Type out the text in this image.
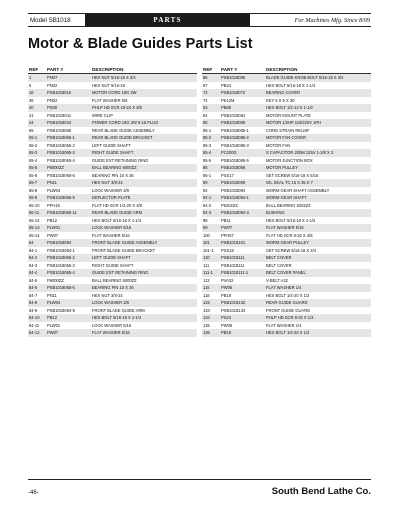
Model SB1018	PARTS	For Machines Mfg. Since 8/09
Motor & Blade Guides Parts List
REF	PART #	DESCRIPTION
1	PN07	HEX NUT 5/16-18 X 3/4
6	PN32	HEX NUT 5/16-18
16	PSB1018016	MOTOR CORD 18G 3W
36	PN02	FLAT WASHER 5/8
40	PS08	PHLP HD SCR 10-24 X 3/8
41	PSB1018041	WIRE CLIP
44	PSB1018044	POWER CORD 18G 3W 6-15 PLUG
65	PSB1018065	REAR BLADE GUIDE ASSEMBLY
65-1	PSB1018065-1	REAR BLADE GUIDE BRACKET
65-2	PSB1018065-2	LEFT GUIDE SHAFT
65-3	PSB1018065-3	RIGHT GUIDE SHAFT
65-4	PSB1018065-4	GUIDE EXT RETAINING RING
65-5	P6000ZZ	BALL BEARING 6000ZZ
65-6	PSB1018065-6	BEARING PIN 10 X 36
65-7	PN11	HEX NUT 3/8-24
65-8	PLW04	LOCK WASHER 3/8
65-9	PSB1018065-9	DEFLECTOR PLATE
65-10	PFH19	FLAT HD SCR 1/4-20 X 3/8
65-11	PSB1018065-11	REAR BLADE GUIDE ARM
65-12	PB12	HEX BOLT 5/16-18 X 1-1/4
65-13	PLW01	LOCK WASHER 5/16
65-14	PW07	FLAT WASHER 5/16
84	PSB1018084	FRONT BLADE GUIDE ASSEMBLY
84-1	PSB1018084-1	FRONT BLADE GUIDE BRACKET
84-2	PSB1018065-2	LEFT GUIDE SHAFT
84-3	PSB1018065-3	RIGHT GUIDE SHAFT
84-4	PSB1018065-4	GUIDE EXT RETAINING RING
84-5	P6000ZZ	BALL BEARING 6000ZZ
84-6	PSB1018065-6	BEARING PIN 10 X 36
84-7	PN11	HEX NUT 3/8-24
84-8	PLW04	LOCK WASHER 3/8
84-9	PSB1018084-9	FRONT BLADE GUIDE ARM
84-10	PB12	HEX BOLT 5/16-18 X 1-1/4
84-11	PLW01	LOCK WASHER 5/16
84-12	PW07	FLAT WASHER 5/16
REF	PART #	DESCRIPTION
86	PSB1018086	BLADE GUIDE KNOB BOLT 5/16-18 X 3/4
87	PB24	HEX BOLT 5/16-18 X 1-1/4
72	PSB1018072	BEARING COVER
74	PK12M	KEY 5 X 5 X 30
83	PB65	HEX BOLT 1/2-13 X 1-1/2
84	PSB1018084	MOTOR MOUNT PLATE
85	PSB1018085	MOTOR 1/2HP 110/220V 1PH
85-1	PSB1018085-1	CORD STRAIN RELIEF
85-2	PSB1018085-2	MOTOR FAN COVER
85-3	PSB1018085-3	MOTOR FAN
85-4	PC200G	S CAPACITOR 200M 125V 1-3/8 X 3
85-5	PSB1018085-5	MOTOR JUNCTION BOX
86	PSB1018086	MOTOR PULLEY
86-1	PSS17	SET SCREW 5/16-18 X 5/16
89	PSB1018089	OIL SEAL TC 15 X 35 X 7
94	PSB1018094	WORM GEAR SHAFT ASSEMBLY
94-1	PSB1018094-1	WORM GEAR SHAFT
94-2	P6202ZZ	BALL BEARING 6202ZZ
94-3	PSB1018094-3	BUSHING
98	PB11	HEX BOLT 5/16-18 X 1-1/2
99	PW07	FLAT WASHER 5/16
100	PFH57	FLAT HD SCR 8-32 X 3/8
101	PSB1018101	WORM GEAR PULLEY
101-1	PSS18	SET SCREW 5/16-18 X 3/4
110	PSB1018111	BELT COVER
111	PSB1018111	BELT COVER
111-1	PSB1018111-1	BELT COVER PANEL
112	PVA32	V-BELT A32
116	PW06	FLAT WASHER 1/4
118	PB19	HEX BOLT 1/4-20 X 1/2
132	PSB1018132	REAR GUIDE GUARD
133	PSB1018133	FRONT GUIDE GUARD
134	PS23	PHLP HD SCR 8-32 X 1/4
135	PW06	FLAT WASHER 1/4
136	PB19	HEX BOLT 1/4-20 X 1/2
-46-	South Bend Lathe Co.
